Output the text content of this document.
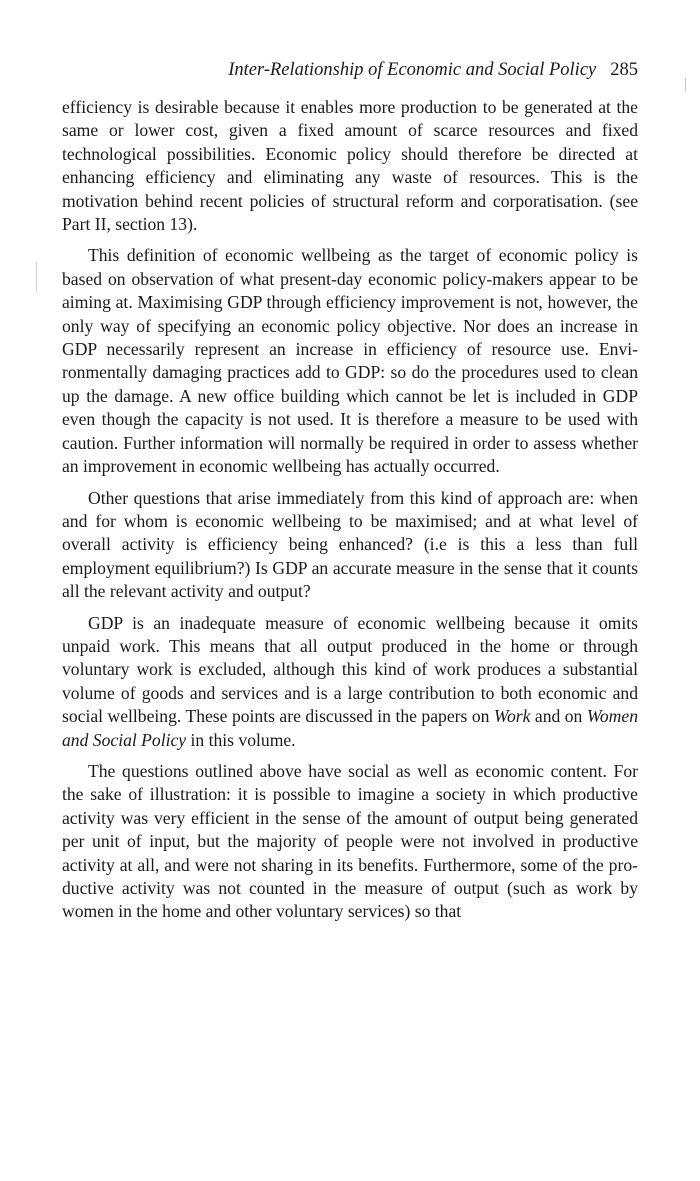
Inter-Relationship of Economic and Social Policy 285

efficiency is desirable because it enables more production to be generated at the same or lower cost, given a fixed amount of scarce resources and fixed technological possibilities. Economic policy should therefore be directed at enhancing efficiency and eliminating any waste of resources. This is the motivation behind recent policies of structural reform and corporatisation. (see Part II, section 13).

This definition of economic wellbeing as the target of economic policy is based on observation of what present-day economic policy-makers appear to be aiming at. Maximising GDP through efficiency improvement is not, however, the only way of specifying an economic policy objective. Nor does an increase in GDP necessarily represent an increase in efficiency of resource use. Environmentally damaging practices add to GDP: so do the procedures used to clean up the damage. A new office building which cannot be let is included in GDP even though the capacity is not used. It is therefore a measure to be used with caution. Further information will normally be required in order to assess whether an improvement in economic wellbeing has actually occurred.

Other questions that arise immediately from this kind of approach are: when and for whom is economic wellbeing to be maximised; and at what level of overall activity is efficiency being enhanced? (i.e is this a less than full employment equilibrium?) Is GDP an accurate measure in the sense that it counts all the relevant activity and output?

GDP is an inadequate measure of economic wellbeing because it omits unpaid work. This means that all output produced in the home or through voluntary work is excluded, although this kind of work produces a substantial volume of goods and services and is a large contribution to both economic and social wellbeing. These points are discussed in the papers on Work and on Women and Social Policy in this volume.

The questions outlined above have social as well as economic content. For the sake of illustration: it is possible to imagine a society in which productive activity was very efficient in the sense of the amount of output being generated per unit of input, but the majority of people were not involved in productive activity at all, and were not sharing in its benefits. Furthermore, some of the productive activity was not counted in the measure of output (such as work by women in the home and other voluntary services) so that
